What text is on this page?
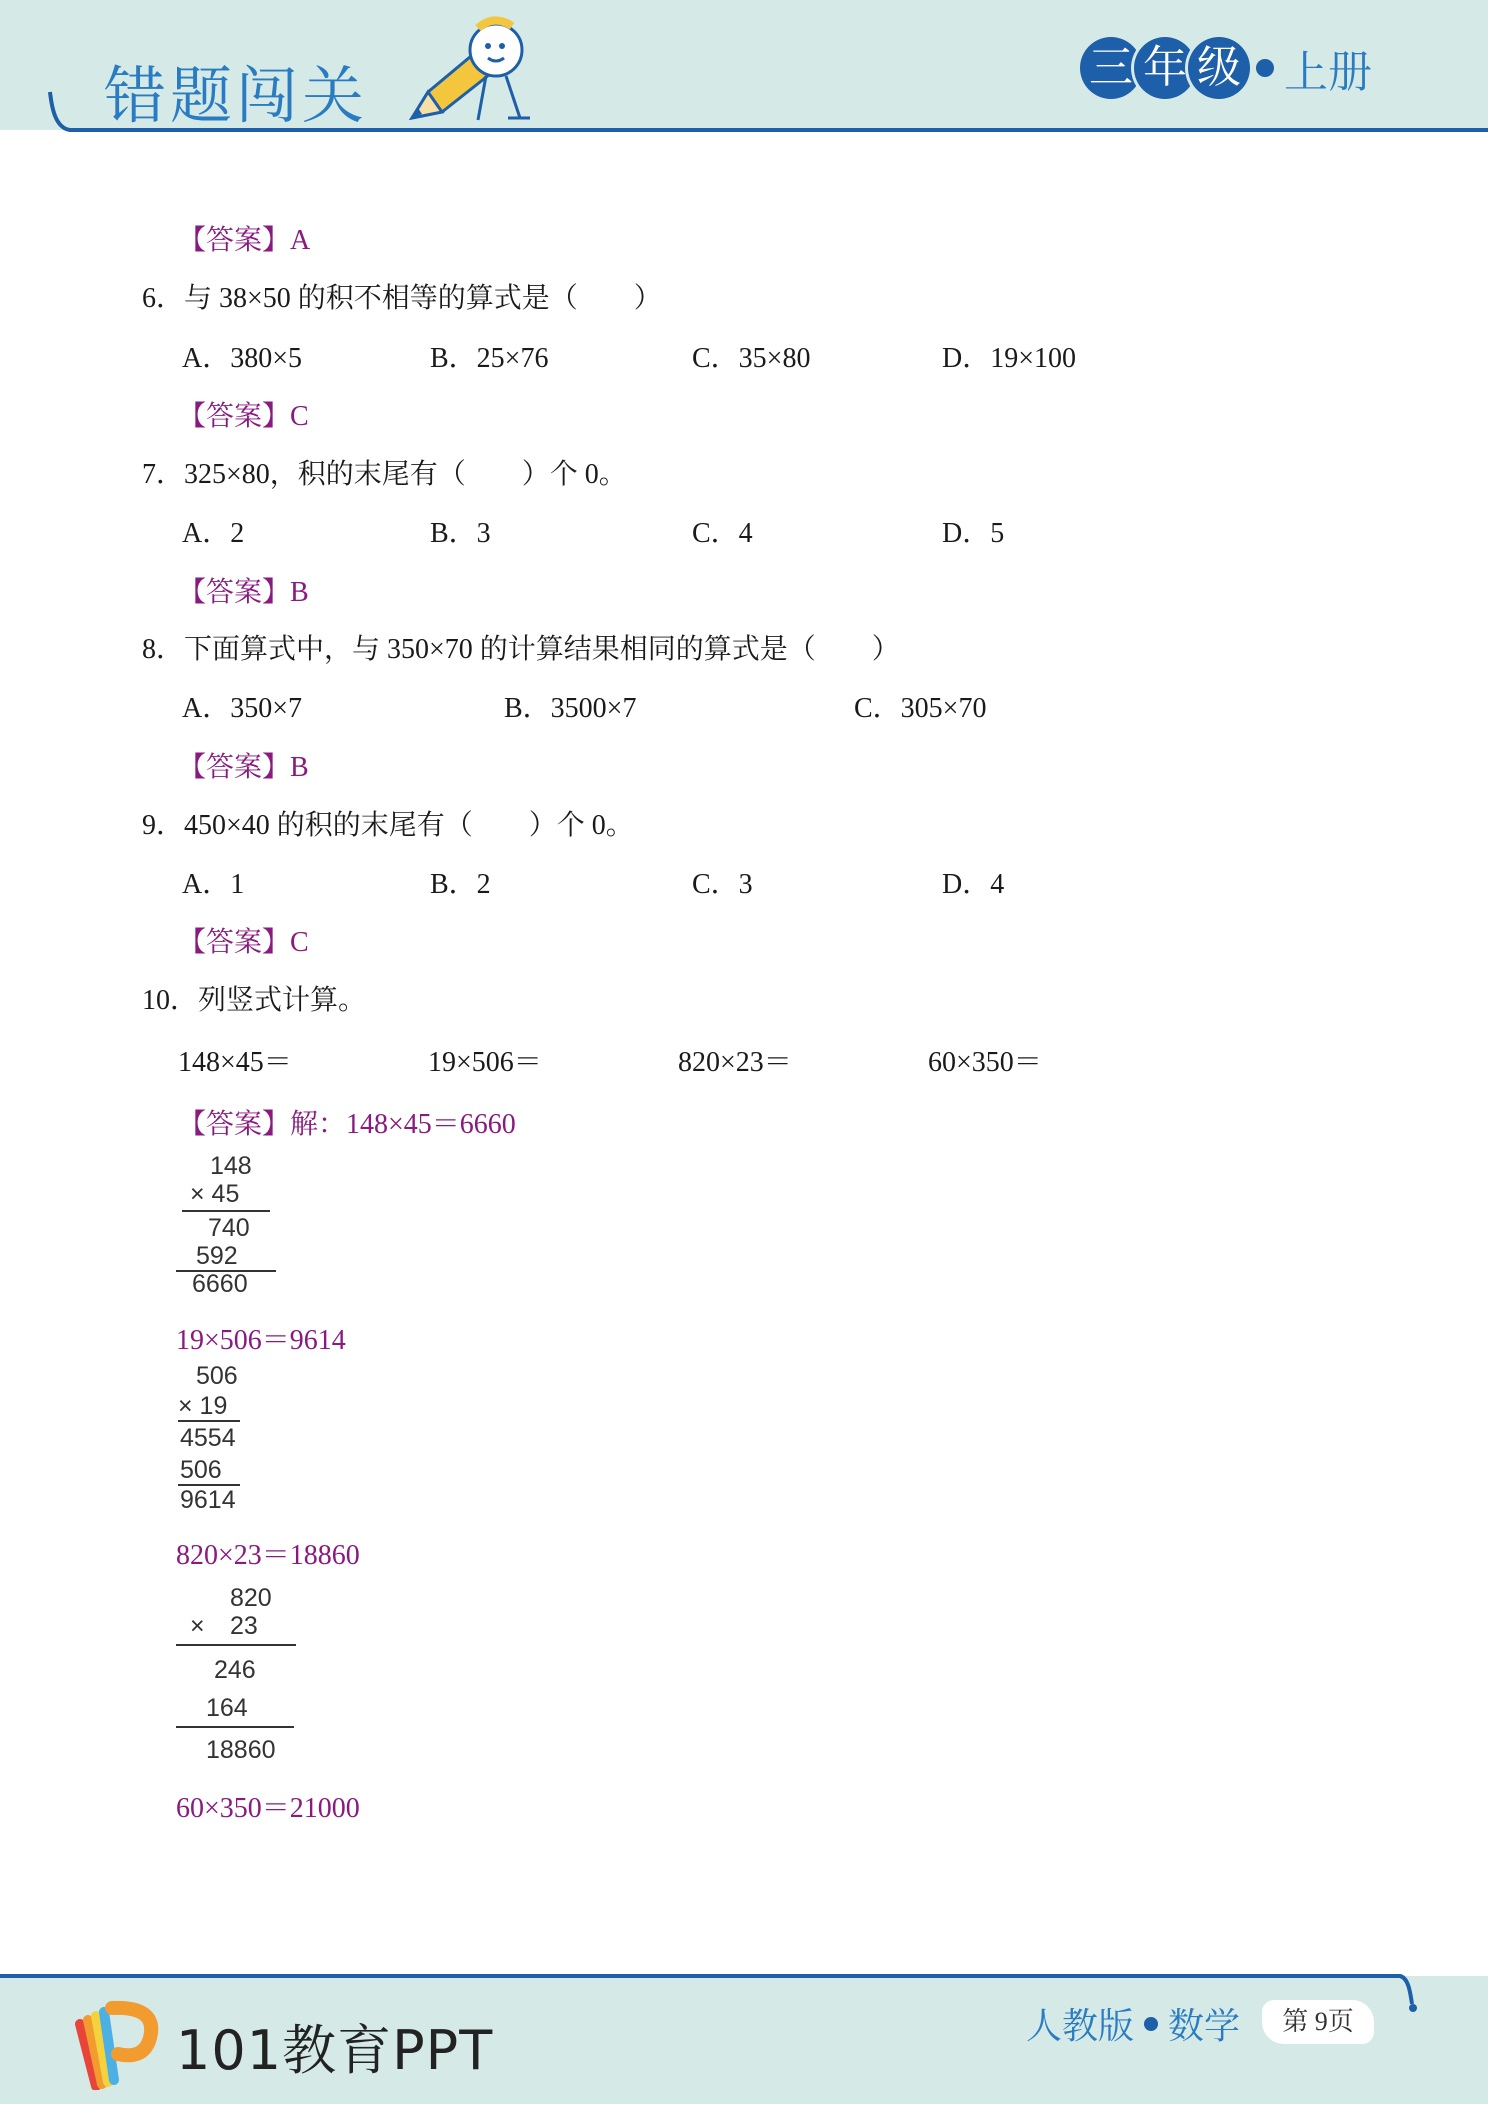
错题闯关	三 年 级 上册
【答案】A
6．与 38×50 的积不相等的算式是（　　）
A．380×5	B．25×76	C．35×80	D．19×100
【答案】C
7．325×80，积的末尾有（　　）个 0。
A．2	B．3	C．4	D．5
【答案】B
8．下面算式中，与 350×70 的计算结果相同的算式是（　　）
A．350×7	B．3500×7	C．305×70
【答案】B
9．450×40 的积的末尾有（　　）个 0。
A．1	B．2	C．3	D．4
【答案】C
10．列竖式计算。
148×45＝	19×506＝	820×23＝	60×350＝
【答案】解：148×45＝6660
148
× 45
740
592
6660
19×506＝9614
506
× 19
4554
506
9614
820×23＝18860
820
× 23
246
164
18860
60×350＝21000
101教育PPT	人教版 数学	第 9页
